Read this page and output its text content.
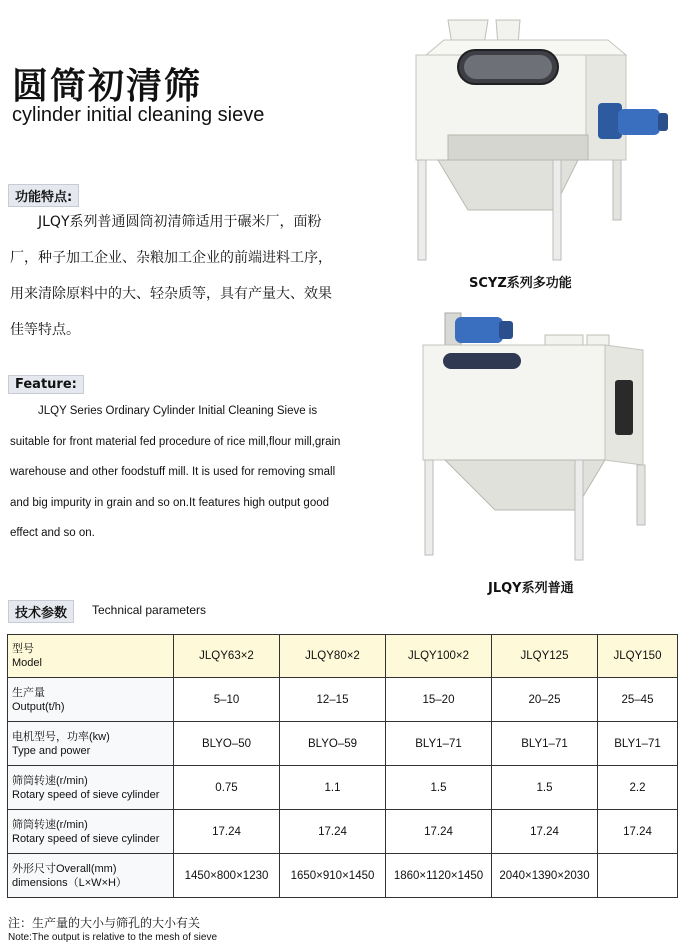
圆筒初清筛
cylinder initial cleaning sieve
功能特点:
JLQY系列普通圆筒初清筛适用于碾米厂，面粉
厂，种子加工企业、杂粮加工企业的前端进料工序，
用来清除原料中的大、轻杂质等，具有产量大、效果
佳等特点。
Feature:
JLQY Series Ordinary Cylinder Initial Cleaning Sieve is
suitable for front material fed procedure of rice mill,flour mill,grain
warehouse and other foodstuff mill. It is used for removing small
and big impurity in grain and so on.It features high output good
effect and so on.
SCYZ系列多功能
JLQY系列普通
技术参数	Technical parameters
型号
Model	JLQY63×2	JLQY80×2	JLQY100×2	JLQY125	JLQY150

生产量
Output(t/h)	5–10	12–15	15–20	20–25	25–45

电机型号，功率(kw)
Type and power	BLYO–50	BLYO–59	BLY1–71	BLY1–71	BLY1–71

筛筒转速(r/min)
Rotary speed of sieve cylinder	0.75	1.1	1.5	1.5	2.2

筛筒转速(r/min)
Rotary speed of sieve cylinder	17.24	17.24	17.24	17.24	17.24

外形尺寸Overall(mm)
dimensions（L×W×H）	1450×800×1230	1650×910×1450	1860×1120×1450	2040×1390×2030	
注：生产量的大小与筛孔的大小有关
Note:The output is relative to the mesh of sieve
